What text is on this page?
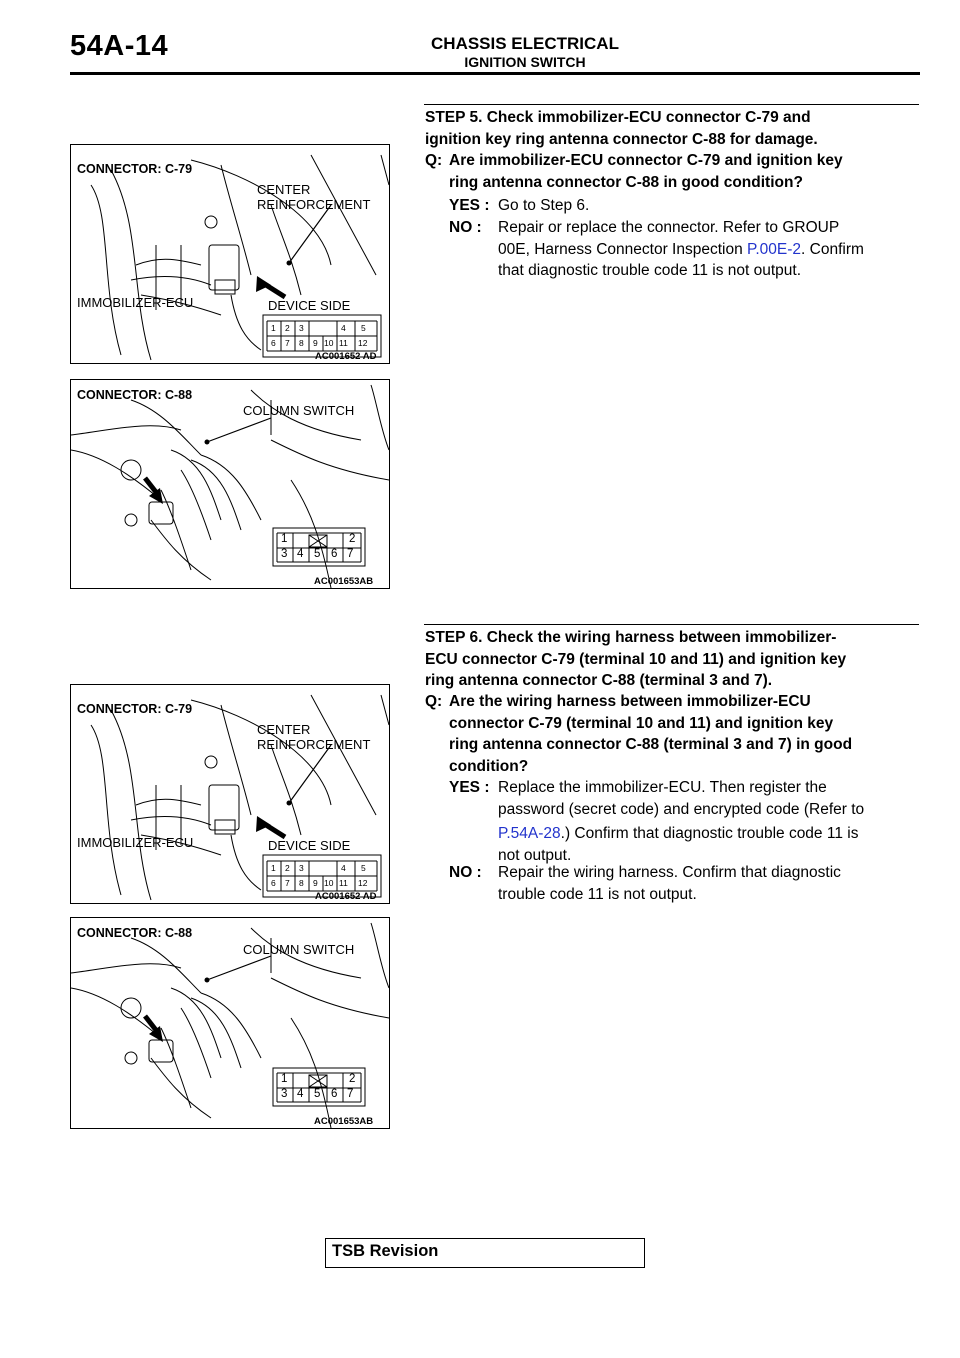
54A-14	CHASSIS ELECTRICAL
IGNITION SWITCH
CONNECTOR: C-79
CENTER
REINFORCEMENT
IMMOBILIZER-ECU	DEVICE SIDE
AC001652 AD
1 2 3	4 5
6 7 8 9 10 11 12
CONNECTOR: C-88
COLUMN SWITCH
AC001653AB
1	2
3 4 5 6 7
CONNECTOR: C-79
CENTER
REINFORCEMENT
IMMOBILIZER-ECU	DEVICE SIDE
AC001652 AD
1 2 3	4 5
6 7 8 9 10 11 12
CONNECTOR: C-88
COLUMN SWITCH
AC001653AB
1	2
3 4 5 6 7
STEP 5. Check immobilizer-ECU connector C-79 and
ignition key ring antenna connector C-88 for damage.
Q: Are immobilizer-ECU connector C-79 and ignition key
ring antenna connector C-88 in good condition?
YES : Go to Step 6.
NO : Repair or replace the connector. Refer to GROUP
00E, Harness Connector Inspection P.00E-2. Confirm
that diagnostic trouble code 11 is not output.
STEP 6. Check the wiring harness between immobilizer-
ECU connector C-79 (terminal 10 and 11) and ignition key
ring antenna connector C-88 (terminal 3 and 7).
Q: Are the wiring harness between immobilizer-ECU
connector C-79 (terminal 10 and 11) and ignition key
ring antenna connector C-88 (terminal 3 and 7) in good
condition?
YES : Replace the immobilizer-ECU. Then register the
password (secret code) and encrypted code (Refer to
P.54A-28.) Confirm that diagnostic trouble code 11 is
not output.
NO : Repair the wiring harness. Confirm that diagnostic
trouble code 11 is not output.
TSB Revision
